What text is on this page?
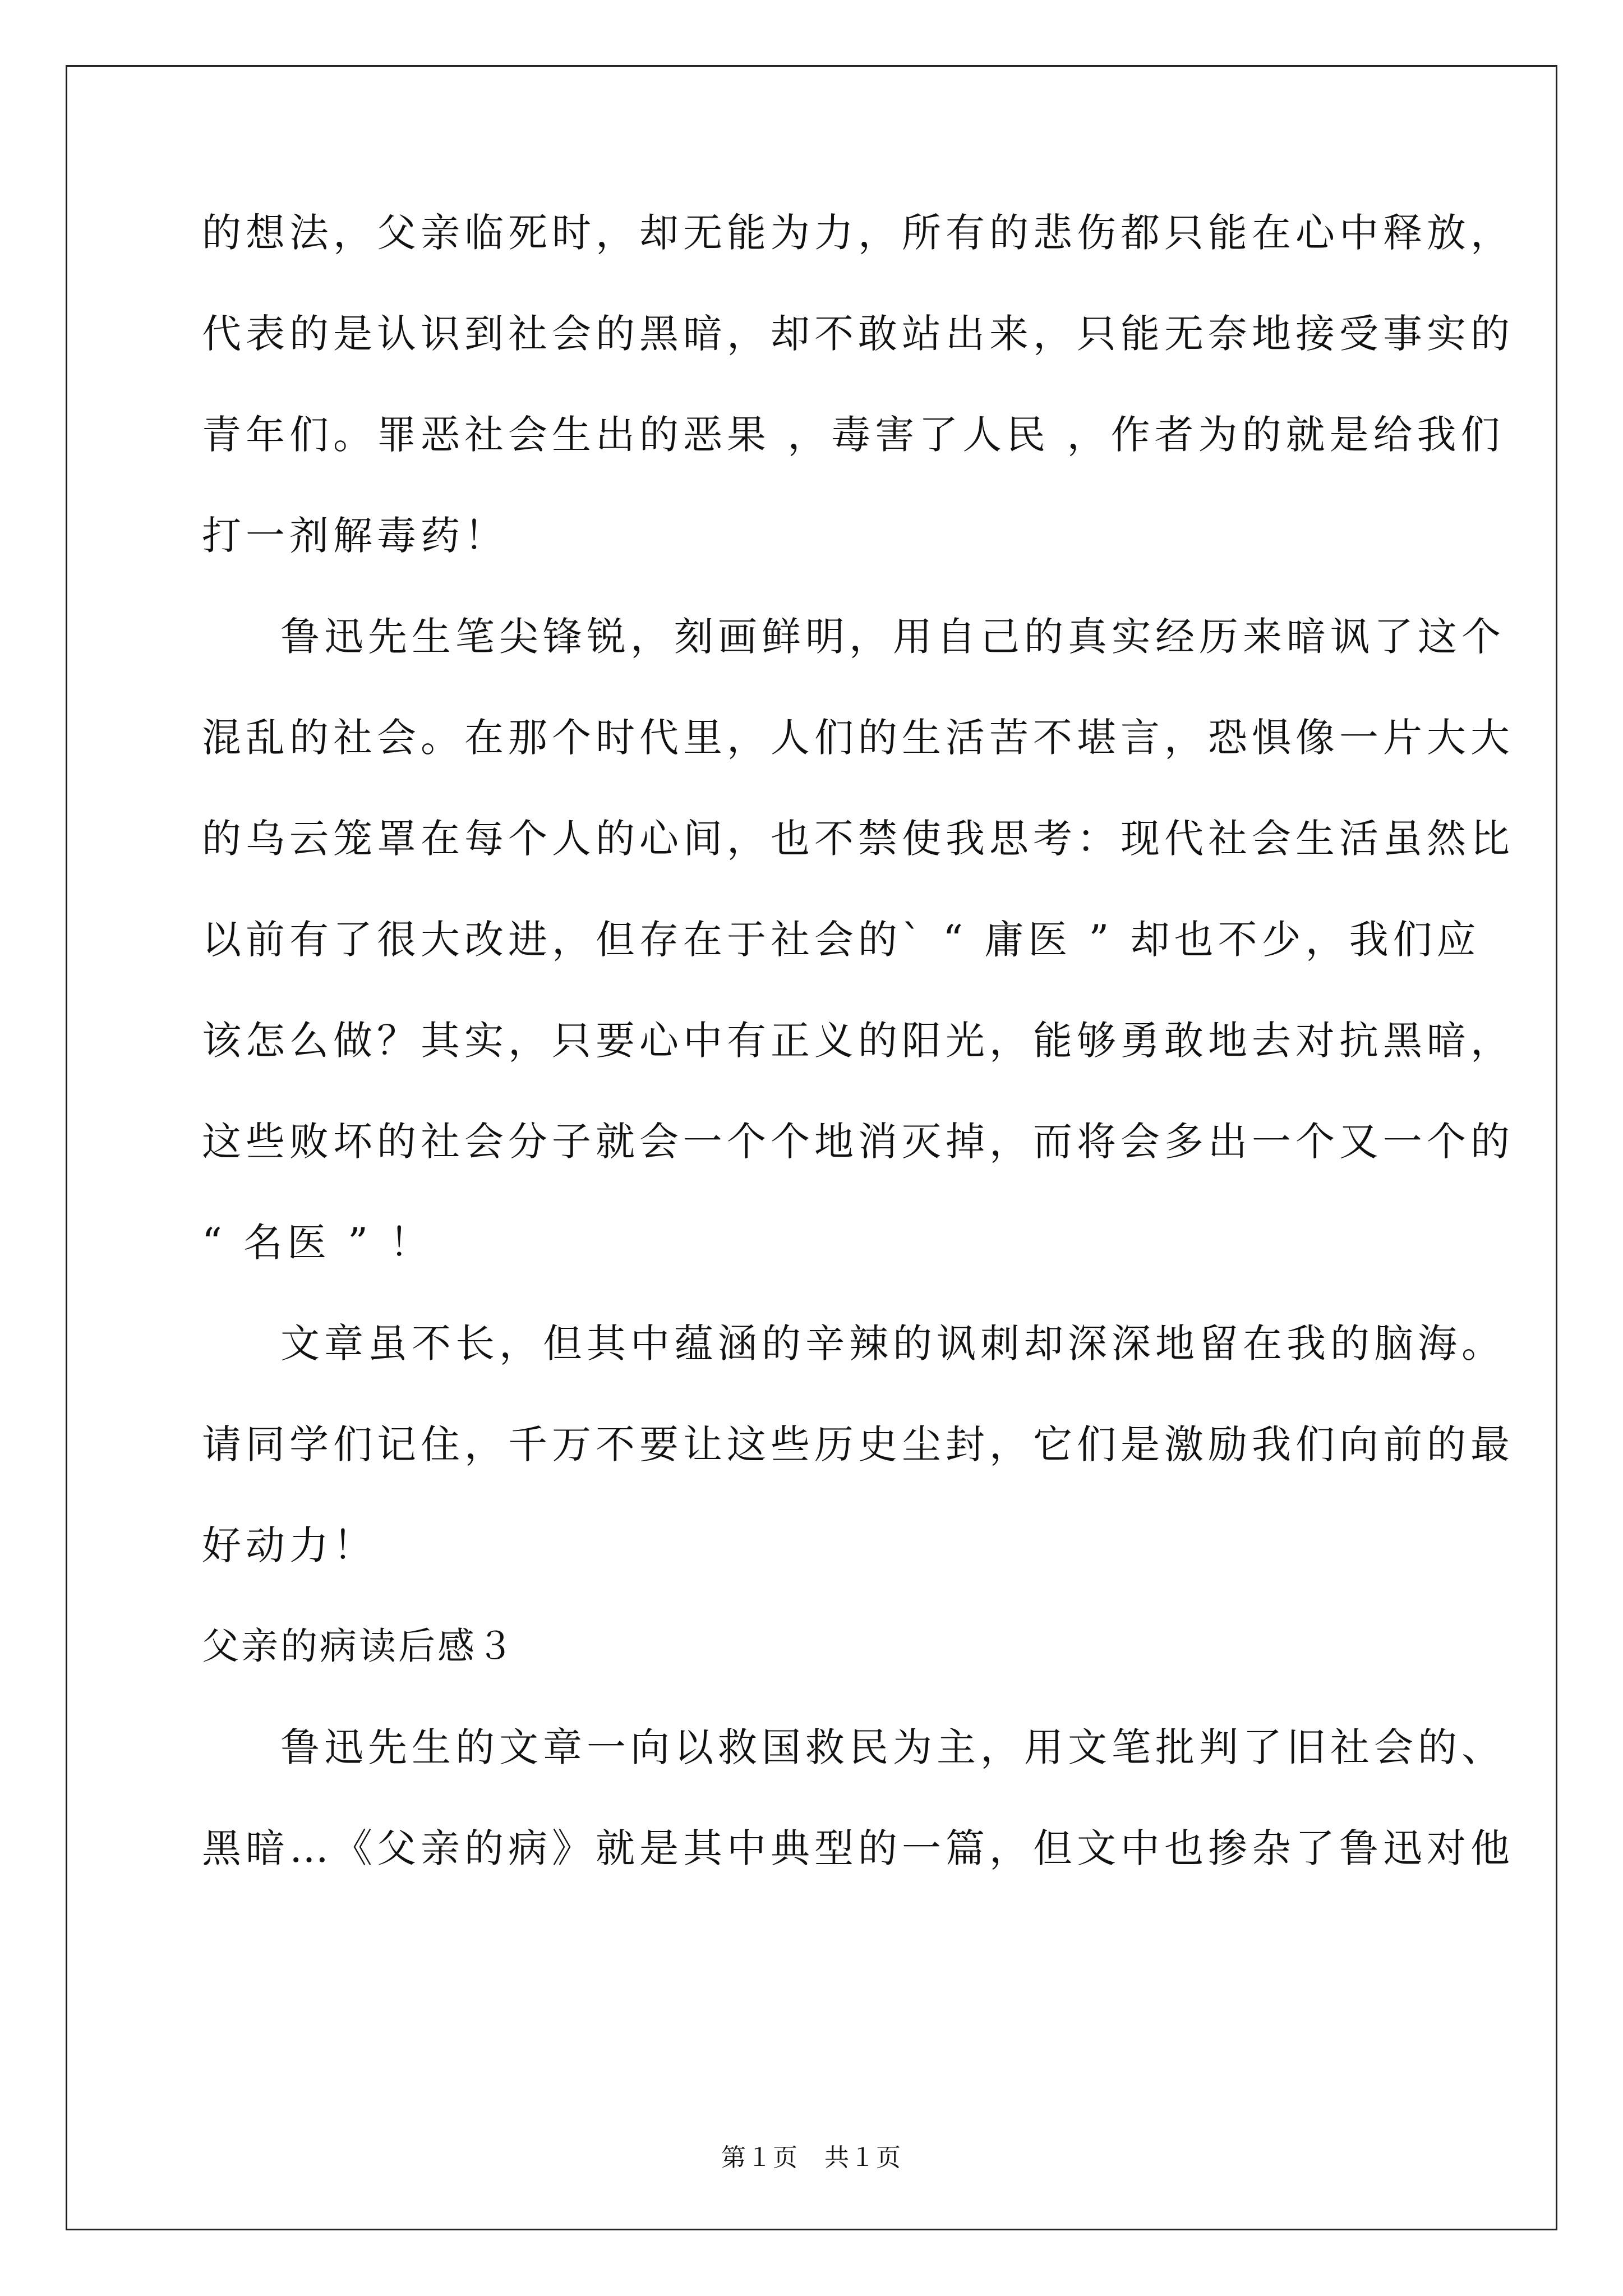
的想法，父亲临死时，却无能为力，所有的悲伤都只能在心中释放，
代表的是认识到社会的黑暗，却不敢站出来，只能无奈地接受事实的
青年们。罪恶社会生出的恶果 ，毒害了人民 ，作者为的就是给我们
打一剂解毒药！
鲁迅先生笔尖锋锐，刻画鲜明，用自己的真实经历来暗讽了这个
混乱的社会。在那个时代里，人们的生活苦不堪言，恐惧像一片大大
的乌云笼罩在每个人的心间，也不禁使我思考：现代社会生活虽然比
以前有了很大改进，但存在于社会的` “ 庸医 ” 却也不少，我们应
该怎么做？其实，只要心中有正义的阳光，能够勇敢地去对抗黑暗，
这些败坏的社会分子就会一个个地消灭掉，而将会多出一个又一个的
“ 名医 ” ！
文章虽不长，但其中蕴涵的辛辣的讽刺却深深地留在我的脑海。
请同学们记住，千万不要让这些历史尘封，它们是激励我们向前的最
好动力！
父亲的病读后感３
鲁迅先生的文章一向以救国救民为主，用文笔批判了旧社会的、
黑暗…《父亲的病》就是其中典型的一篇，但文中也掺杂了鲁迅对他
第１页　共１页
